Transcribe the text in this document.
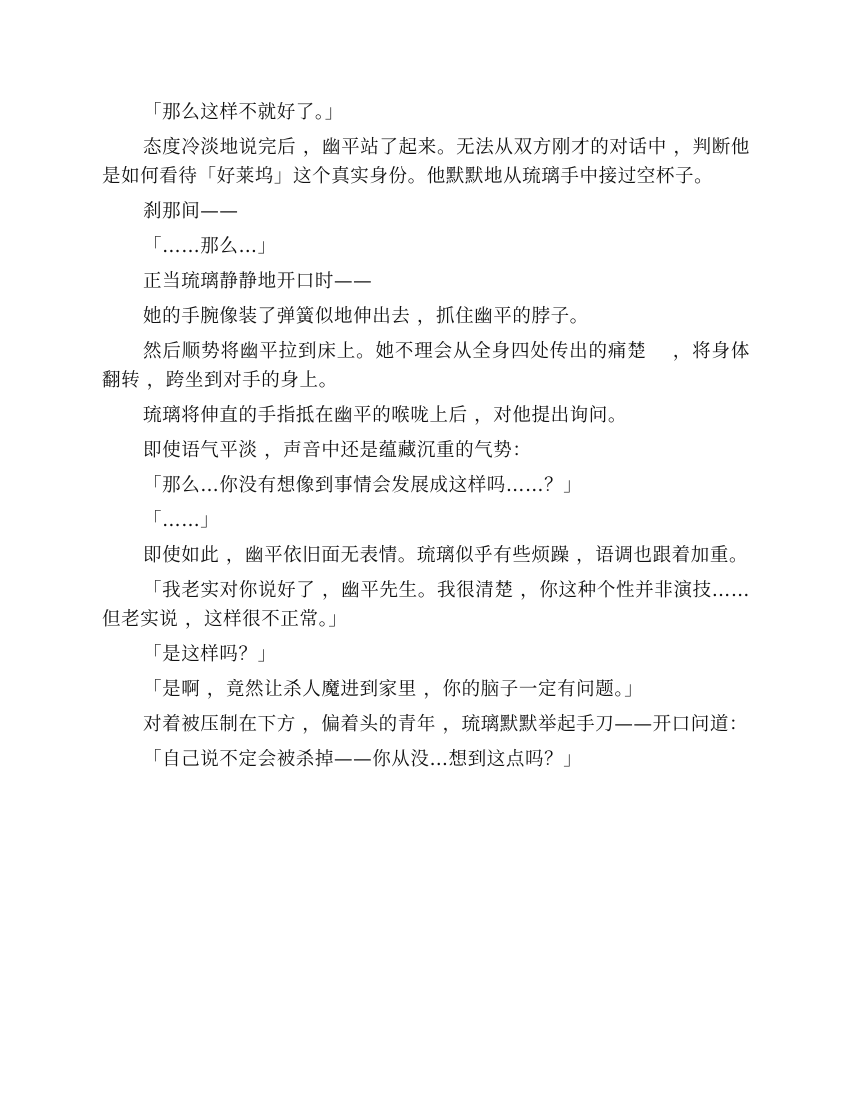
「那么这样不就好了。」

态度冷淡地说完后 ，幽平站了起来。无法从双方刚才的对话中 ，判断他是如何看待「好莱坞」这个真实身份。他默默地从琉璃手中接过空杯子。

刹那间——

「……那么…」

正当琉璃静静地开口时——

她的手腕像装了弹簧似地伸出去 ，抓住幽平的脖子。

然后顺势将幽平拉到床上。她不理会从全身四处传出的痛楚　 ，将身体翻转 ，跨坐到对手的身上。

琉璃将伸直的手指抵在幽平的喉咙上后 ，对他提出询问。

即使语气平淡 ，声音中还是蕴藏沉重的气势：

「那么…你没有想像到事情会发展成这样吗……？」

「……」

即使如此 ，幽平依旧面无表情。琉璃似乎有些烦躁 ，语调也跟着加重。

「我老实对你说好了 ，幽平先生。我很清楚 ，你这种个性并非演技……但老实说 ，这样很不正常。」

「是这样吗？」

「是啊 ，竟然让杀人魔进到家里 ，你的脑子一定有问题。」

对着被压制在下方 ，偏着头的青年 ，琉璃默默举起手刀——开口问道：

「自己说不定会被杀掉——你从没…想到这点吗？」
